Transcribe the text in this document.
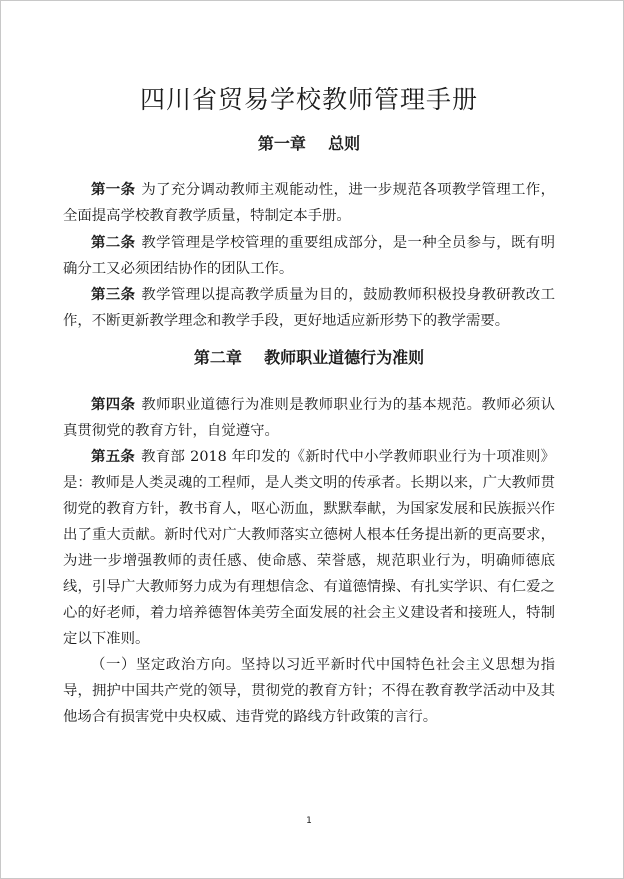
四川省贸易学校教师管理手册
第一章    总则

第一条 为了充分调动教师主观能动性，进一步规范各项教学管理工作，全面提高学校教育教学质量，特制定本手册。

第二条 教学管理是学校管理的重要组成部分，是一种全员参与，既有明确分工又必须团结协作的团队工作。

第三条 教学管理以提高教学质量为目的，鼓励教师积极投身教研教改工作，不断更新教学理念和教学手段，更好地适应新形势下的教学需要。

第二章    教师职业道德行为准则

第四条 教师职业道德行为准则是教师职业行为的基本规范。教师必须认真贯彻党的教育方针，自觉遵守。

第五条 教育部 2018 年印发的《新时代中小学教师职业行为十项准则》是： 教师是人类灵魂的工程师，是人类文明的传承者。长期以来，广大教师贯彻党的教育方针，教书育人，呕心沥血，默默奉献，为国家发展和民族振兴作出了重大贡献。新时代对广大教师落实立德树人根本任务提出新的更高要求，为进一步增强教师的责任感、使命感、荣誉感，规范职业行为，明确师德底线，引导广大教师努力成为有理想信念、有道德情操、有扎实学识、有仁爱之心的好老师，着力培养德智体美劳全面发展的社会主义建设者和接班人，特制定以下准则。

（一）坚定政治方向。坚持以习近平新时代中国特色社会主义思想为指导，拥护中国共产党的领导，贯彻党的教育方针；不得在教育教学活动中及其他场合有损害党中央权威、违背党的路线方针政策的言行。

1
